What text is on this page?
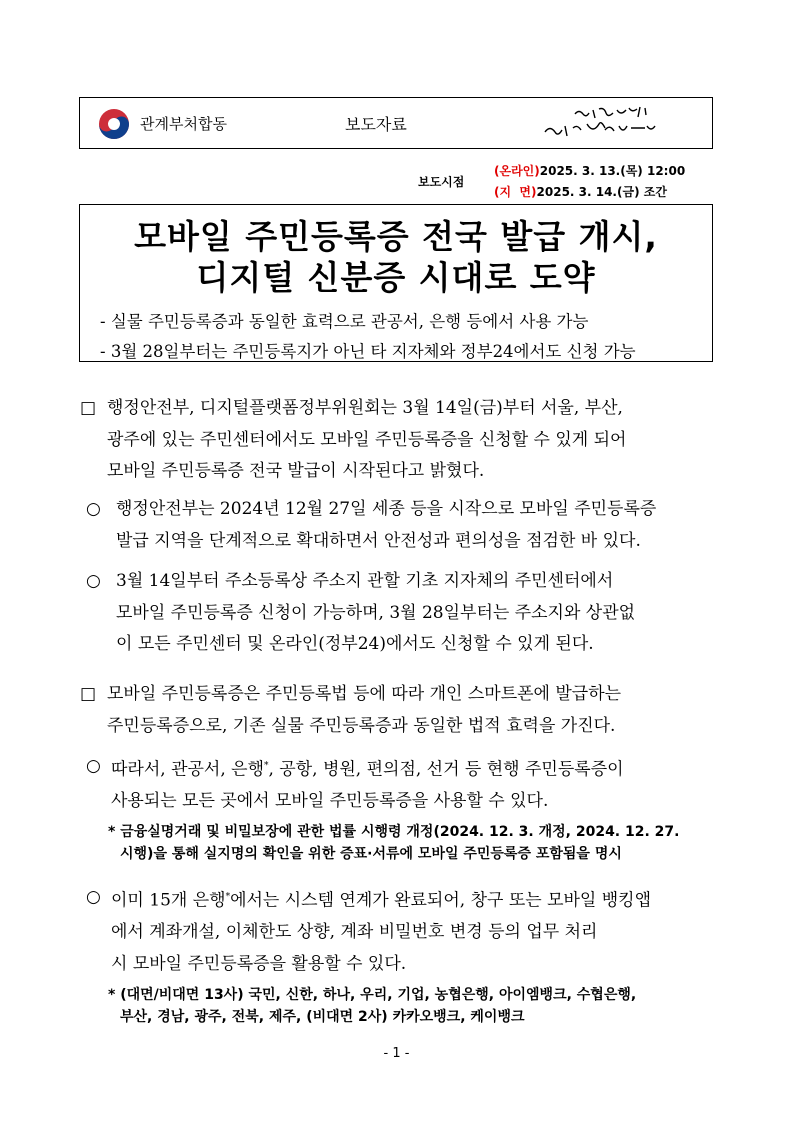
관계부처합동	보도자료
보도시점
(온라인)2025. 3. 13.(목) 12:00
(지  면)2025. 3. 14.(금) 조간
모바일 주민등록증 전국 발급 개시,
디지털 신분증 시대로 도약
- 실물 주민등록증과 동일한 효력으로 관공서, 은행 등에서 사용 가능
- 3월 28일부터는 주민등록지가 아닌 타 지자체와 정부24에서도 신청 가능
□ 행정안전부, 디지털플랫폼정부위원회는 3월 14일(금)부터 서울, 부산,
광주에 있는 주민센터에서도 모바일 주민등록증을 신청할 수 있게 되어
모바일 주민등록증 전국 발급이 시작된다고 밝혔다.
○ 행정안전부는 2024년 12월 27일 세종 등을 시작으로 모바일 주민등록증
발급 지역을 단계적으로 확대하면서 안전성과 편의성을 점검한 바 있다.
○ 3월 14일부터 주소등록상 주소지 관할 기초 지자체의 주민센터에서
모바일 주민등록증 신청이 가능하며, 3월 28일부터는 주소지와 상관없
이 모든 주민센터 및 온라인(정부24)에서도 신청할 수 있게 된다.
□ 모바일 주민등록증은 주민등록법 등에 따라 개인 스마트폰에 발급하는
주민등록증으로, 기존 실물 주민등록증과 동일한 법적 효력을 가진다.
○ 따라서, 관공서, 은행*, 공항, 병원, 편의점, 선거 등 현행 주민등록증이
사용되는 모든 곳에서 모바일 주민등록증을 사용할 수 있다.
* 금융실명거래 및 비밀보장에 관한 법률 시행령 개정(2024. 12. 3. 개정, 2024. 12. 27.
시행)을 통해 실지명의 확인을 위한 증표·서류에 모바일 주민등록증 포함됨을 명시
○ 이미 15개 은행*에서는 시스템 연계가 완료되어, 창구 또는 모바일 뱅킹앱
에서 계좌개설, 이체한도 상향, 계좌 비밀번호 변경 등의 업무 처리
시 모바일 주민등록증을 활용할 수 있다.
* (대면/비대면 13사) 국민, 신한, 하나, 우리, 기업, 농협은행, 아이엠뱅크, 수협은행,
부산, 경남, 광주, 전북, 제주, (비대면 2사) 카카오뱅크, 케이뱅크
- 1 -
